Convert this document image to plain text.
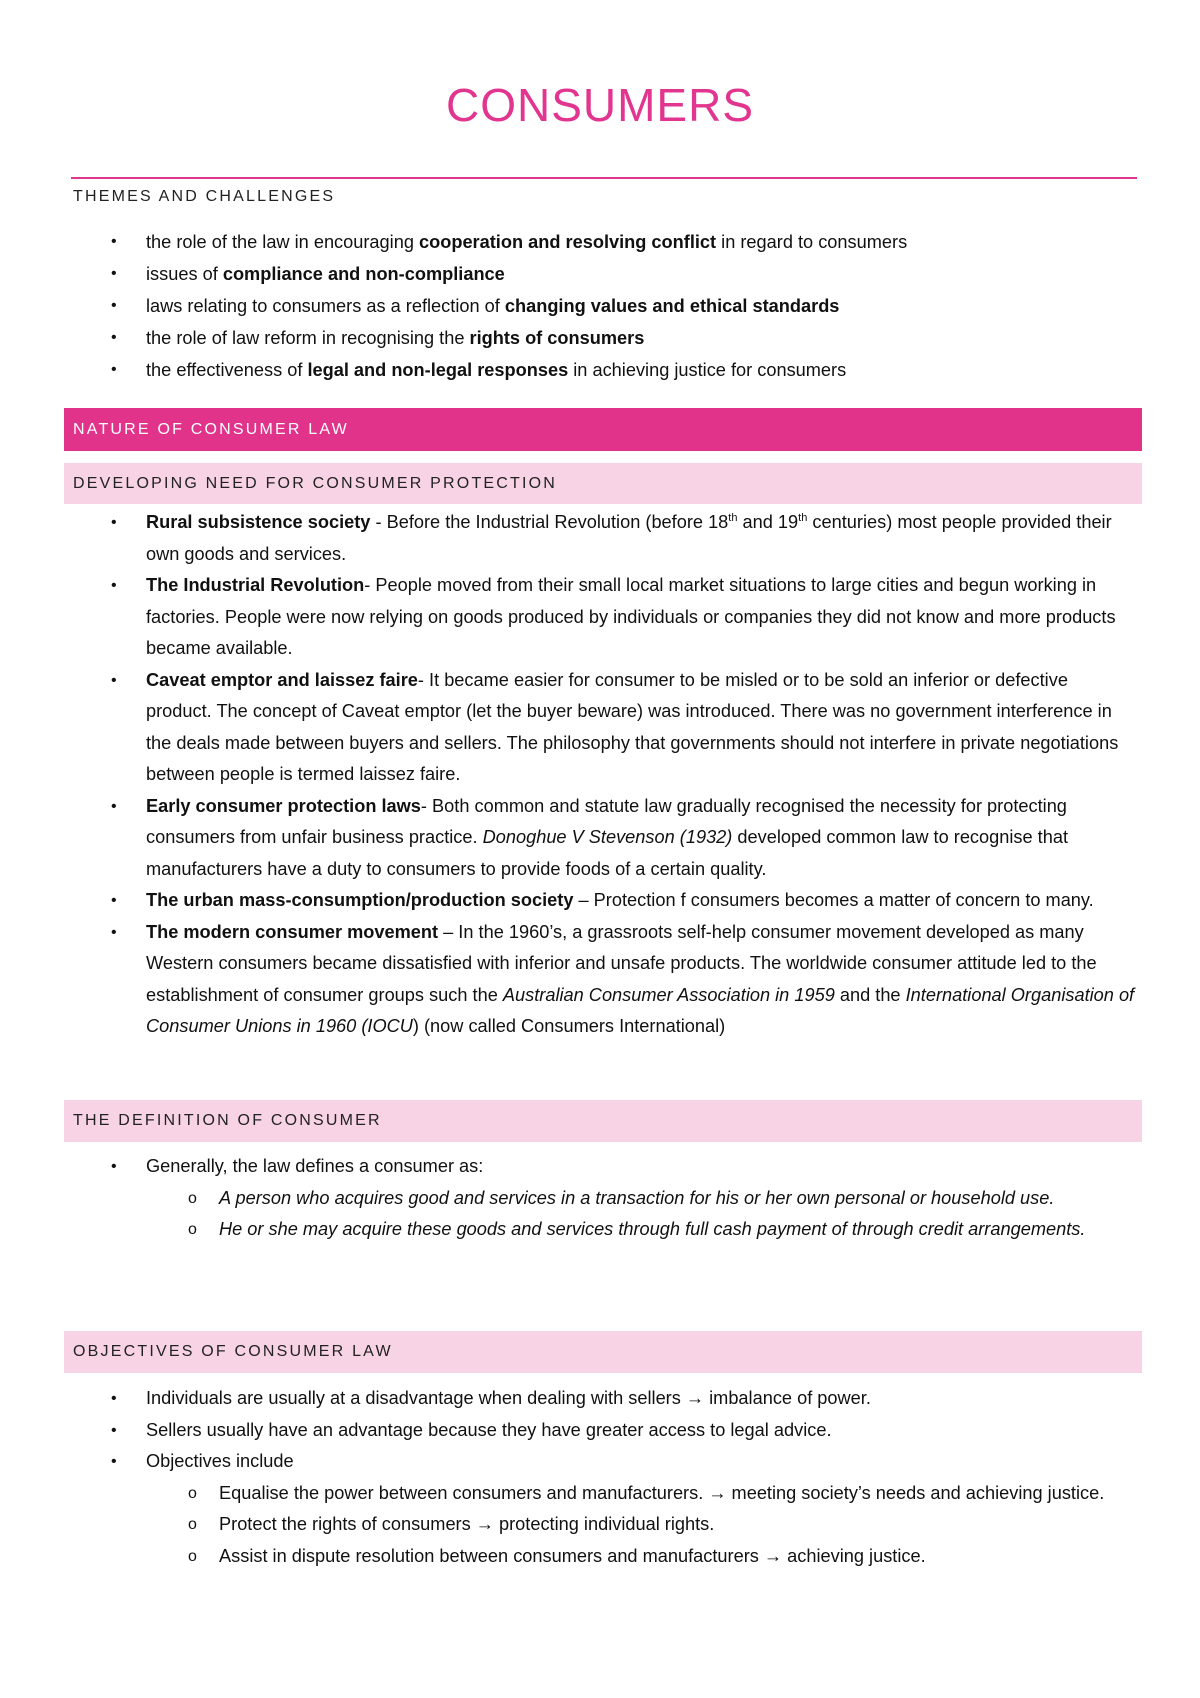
CONSUMERS
THEMES AND CHALLENGES
• the role of the law in encouraging cooperation and resolving conflict in regard to consumers
• issues of compliance and non-compliance
• laws relating to consumers as a reflection of changing values and ethical standards
• the role of law reform in recognising the rights of consumers
• the effectiveness of legal and non-legal responses in achieving justice for consumers
NATURE OF CONSUMER LAW
DEVELOPING NEED FOR CONSUMER PROTECTION
• Rural subsistence society - Before the Industrial Revolution (before 18th and 19th centuries) most people provided their own goods and services.
• The Industrial Revolution- People moved from their small local market situations to large cities and begun working in factories. People were now relying on goods produced by individuals or companies they did not know and more products became available.
• Caveat emptor and laissez faire- It became easier for consumer to be misled or to be sold an inferior or defective product. The concept of Caveat emptor (let the buyer beware) was introduced. There was no government interference in the deals made between buyers and sellers. The philosophy that governments should not interfere in private negotiations between people is termed laissez faire.
• Early consumer protection laws- Both common and statute law gradually recognised the necessity for protecting consumers from unfair business practice. Donoghue V Stevenson (1932) developed common law to recognise that manufacturers have a duty to consumers to provide foods of a certain quality.
• The urban mass-consumption/production society – Protection f consumers becomes a matter of concern to many.
• The modern consumer movement – In the 1960’s, a grassroots self-help consumer movement developed as many Western consumers became dissatisfied with inferior and unsafe products. The worldwide consumer attitude led to the establishment of consumer groups such the Australian Consumer Association in 1959 and the International Organisation of Consumer Unions in 1960 (IOCU) (now called Consumers International)
THE DEFINITION OF CONSUMER
• Generally, the law defines a consumer as:
o A person who acquires good and services in a transaction for his or her own personal or household use.
o He or she may acquire these goods and services through full cash payment of through credit arrangements.
OBJECTIVES OF CONSUMER LAW
• Individuals are usually at a disadvantage when dealing with sellers → imbalance of power.
• Sellers usually have an advantage because they have greater access to legal advice.
• Objectives include
o Equalise the power between consumers and manufacturers. → meeting society’s needs and achieving justice.
o Protect the rights of consumers → protecting individual rights.
o Assist in dispute resolution between consumers and manufacturers → achieving justice.
